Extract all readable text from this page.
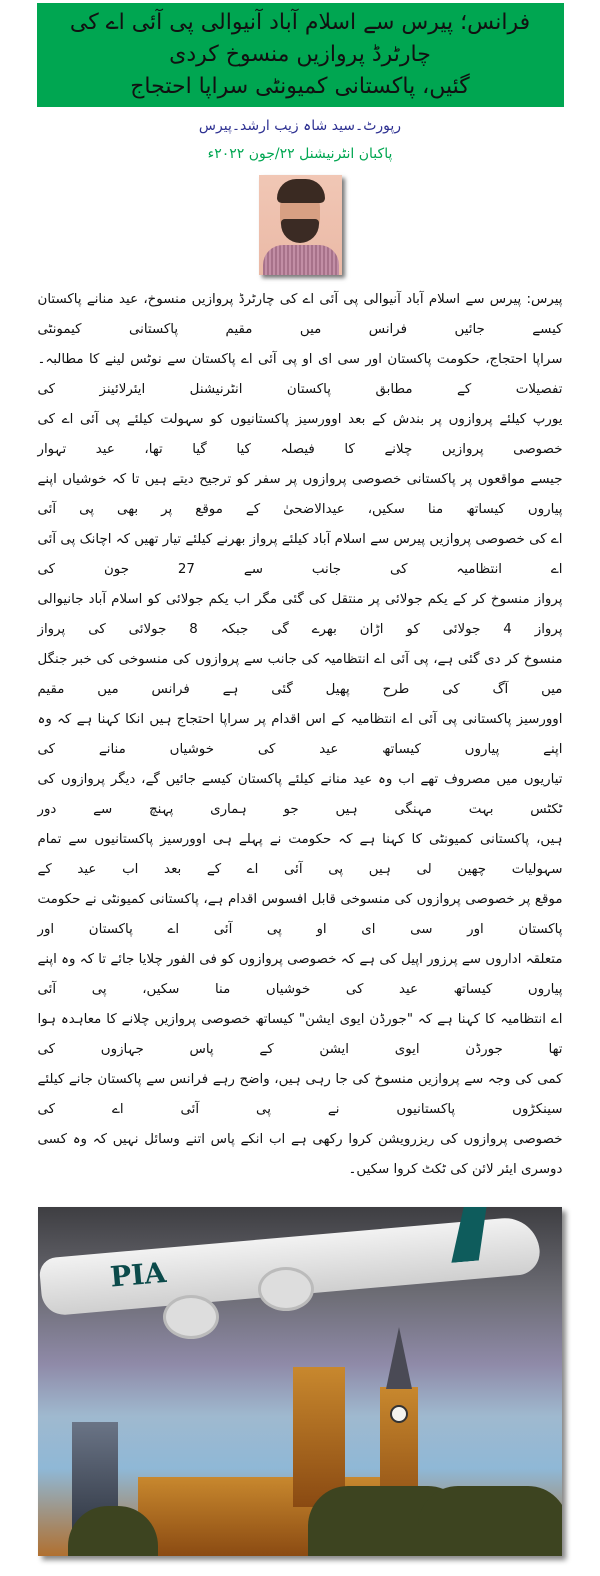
فرانس؛ پیرس سے اسلام آباد آنیوالی پی آئی اے کی چارٹرڈ پروازیں منسوخ کردی
گئیں، پاکستانی کمیونٹی سراپا احتجاج
رپورٹ۔سید شاہ زیب ارشد۔پیرس
پاکبان انٹرنیشنل ۲۲/جون ۲۰۲۲ء
پیرس: پیرس سے اسلام آباد آنیوالی پی آئی اے کی چارٹرڈ پروازیں منسوخ، عید منانے پاکستان کیسے جائیں فرانس میں مقیم پاکستانی کیمونٹی
سراپا احتجاج، حکومت پاکستان اور سی ای او پی آئی اے پاکستان سے نوٹس لینے کا مطالبہ۔تفصیلات کے مطابق پاکستان انٹرنیشنل ایئرلائینز کی
یورپ کیلئے پروازوں پر بندش کے بعد اوورسیز پاکستانیوں کو سہولت کیلئے پی آئی اے کی خصوصی پروازیں چلانے کا فیصلہ کیا گیا تھا، عید تہوار
جیسے مواقعوں پر پاکستانی خصوصی پروازوں پر سفر کو ترجیح دیتے ہیں تا کہ خوشیاں اپنے پیاروں کیساتھ منا سکیں، عیدالاضحیٰ کے موقع پر بھی پی آئی
اے کی خصوصی پروازیں پیرس سے اسلام آباد کیلئے پرواز بھرنے کیلئے تیار تھیں کہ اچانک پی آئی اے انتظامیہ کی جانب سے 27 جون کی
پرواز منسوخ کر کے یکم جولائی پر منتقل کی گئی مگر اب یکم جولائی کو اسلام آباد جانیوالی پرواز 4 جولائی کو اڑان بھرے گی جبکہ 8 جولائی کی پرواز
منسوخ کر دی گئی ہے، پی آئی اے انتظامیہ کی جانب سے پروازوں کی منسوخی کی خبر جنگل میں آگ کی طرح پھیل گئی ہے فرانس میں مقیم
اوورسیز پاکستانی پی آئی اے انتظامیہ کے اس اقدام پر سراپا احتجاج ہیں انکا کہنا ہے کہ وہ اپنے پیاروں کیساتھ عید کی خوشیاں منانے کی
تیاریوں میں مصروف تھے اب وہ عید منانے کیلئے پاکستان کیسے جائیں گے، دیگر پروازوں کی ٹکٹس بہت مہنگی ہیں جو ہماری پہنچ سے دور
ہیں، پاکستانی کمیونٹی کا کہنا ہے کہ حکومت نے پہلے ہی اوورسیز پاکستانیوں سے تمام سہولیات چھین لی ہیں پی آئی اے کے بعد اب عید کے
موقع پر خصوصی پروازوں کی منسوخی قابل افسوس اقدام ہے، پاکستانی کمیونٹی نے حکومت پاکستان اور سی ای او پی آئی اے پاکستان اور
متعلقہ اداروں سے پرزور اپیل کی ہے کہ خصوصی پروازوں کو فی الفور چلایا جائے تا کہ وہ اپنے پیاروں کیساتھ عید کی خوشیاں منا سکیں، پی آئی
اے انتظامیہ کا کہنا ہے کہ "جورڈن ایوی ایشن" کیساتھ خصوصی پروازیں چلانے کا معاہدہ ہوا تھا جورڈن ایوی ایشن کے پاس جہازوں کی
کمی کی وجہ سے پروازیں منسوخ کی جا رہی ہیں، واضح رہے فرانس سے پاکستان جانے کیلئے سینکڑوں پاکستانیوں نے پی آئی اے کی
خصوصی پروازوں کی ریزرویشن کروا رکھی ہے اب انکے پاس اتنے وسائل نہیں کہ وہ کسی دوسری ایئر لائن کی ٹکٹ کروا سکیں۔
PIA
